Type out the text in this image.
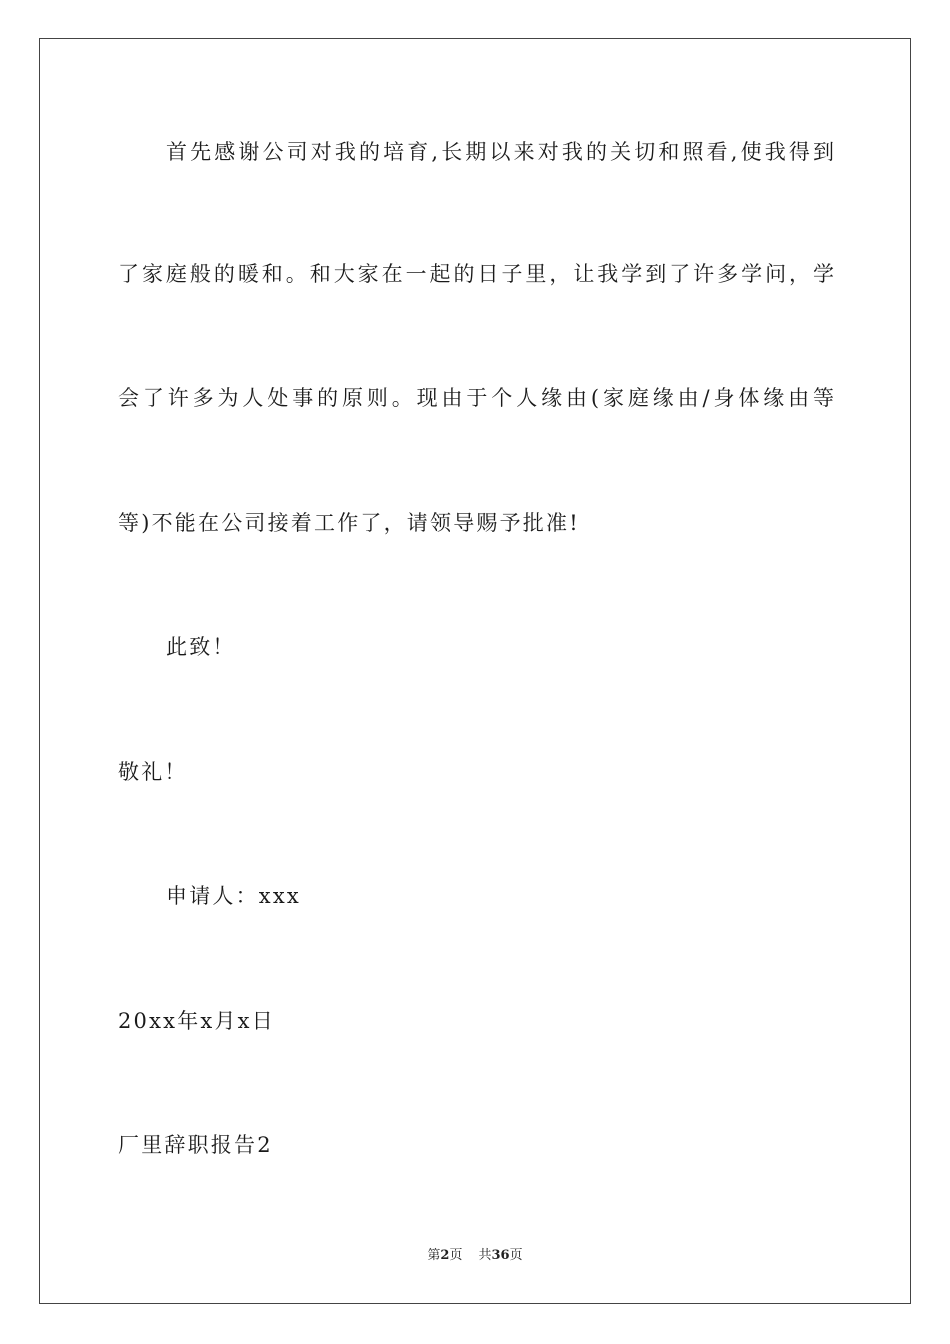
首先感谢公司对我的培育,长期以来对我的关切和照看,使我得到
了家庭般的暖和。和大家在一起的日子里，让我学到了许多学问，学
会了许多为人处事的原则。现由于个人缘由(家庭缘由/身体缘由等
等)不能在公司接着工作了，请领导赐予批准!
此致！
敬礼！
申请人：xxx
20xx年x月x日
厂里辞职报告2
第2页 共36页
